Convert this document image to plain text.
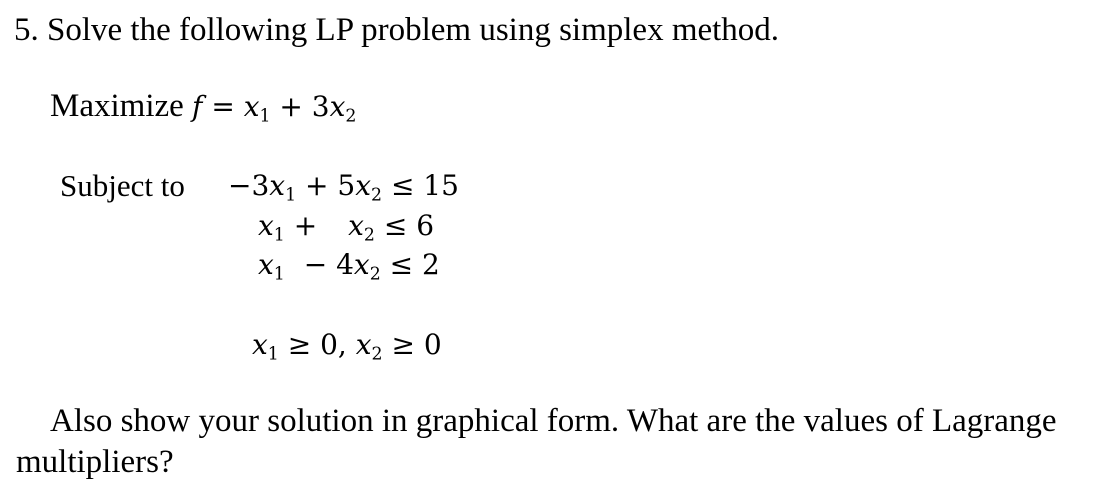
5. Solve the following LP problem using simplex method.
Maximize $f = x_1 + 3x_2$
Subject to $-3x_1 + 5x_2 \le 15$
$x_1 + x_2 \le 6$
$x_1 - 4x_2 \le 2$
$x_1 \ge 0$, $x_2 \ge 0$
Also show your solution in graphical form. What are the values of Lagrange
multipliers?
